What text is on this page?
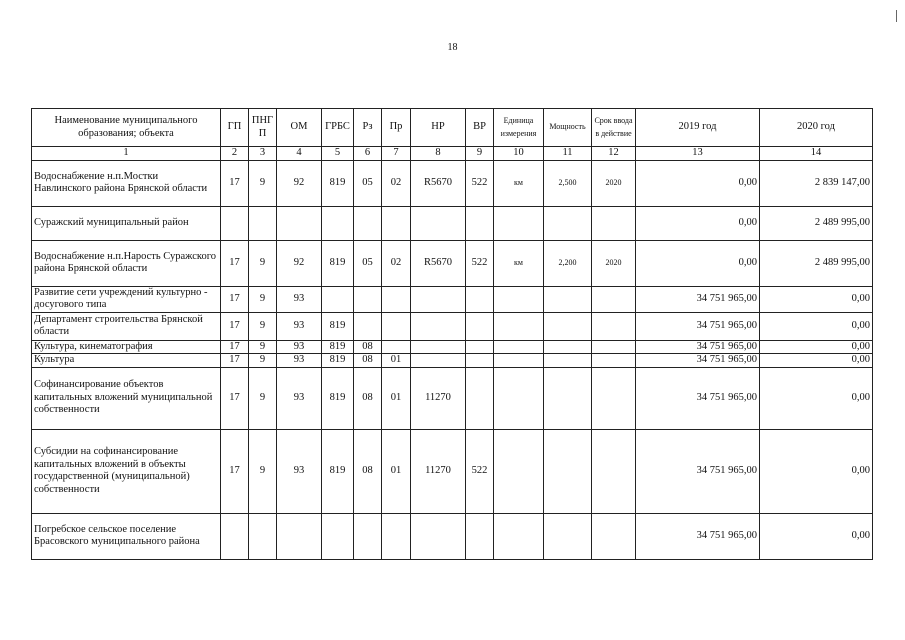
18
Наименование муниципального образования; объекта	ГП	ПНГ П	ОМ	ГРБС	Рз	Пр	НР	ВР	Единица измерения	Мощность	Срок ввода в действие	2019 год	2020 год
1	2	3	4	5	6	7	8	9	10	11	12	13	14
Водоснабжение н.п.Мостки Навлинского района Брянской области	17	9	92	819	05	02	R5670	522	км	2,500	2020	0,00	2 839 147,00
Суражский муниципальный район												0,00	2 489 995,00
Водоснабжение н.п.Нарость Суражского района Брянской области	17	9	92	819	05	02	R5670	522	км	2,200	2020	0,00	2 489 995,00
Развитие сети учреждений культурно - досугового типа	17	9	93									34 751 965,00	0,00
Департамент строительства Брянской области	17	9	93	819								34 751 965,00	0,00
Культура, кинематография	17	9	93	819	08							34 751 965,00	0,00
Культура	17	9	93	819	08	01						34 751 965,00	0,00
Софинансирование объектов капитальных вложений муниципальной собственности	17	9	93	819	08	01	11270					34 751 965,00	0,00
Субсидии на софинансирование капитальных вложений в объекты государственной (муниципальной) собственности	17	9	93	819	08	01	11270	522				34 751 965,00	0,00
Погребское сельское поселение Брасовского муниципального района												34 751 965,00	0,00
